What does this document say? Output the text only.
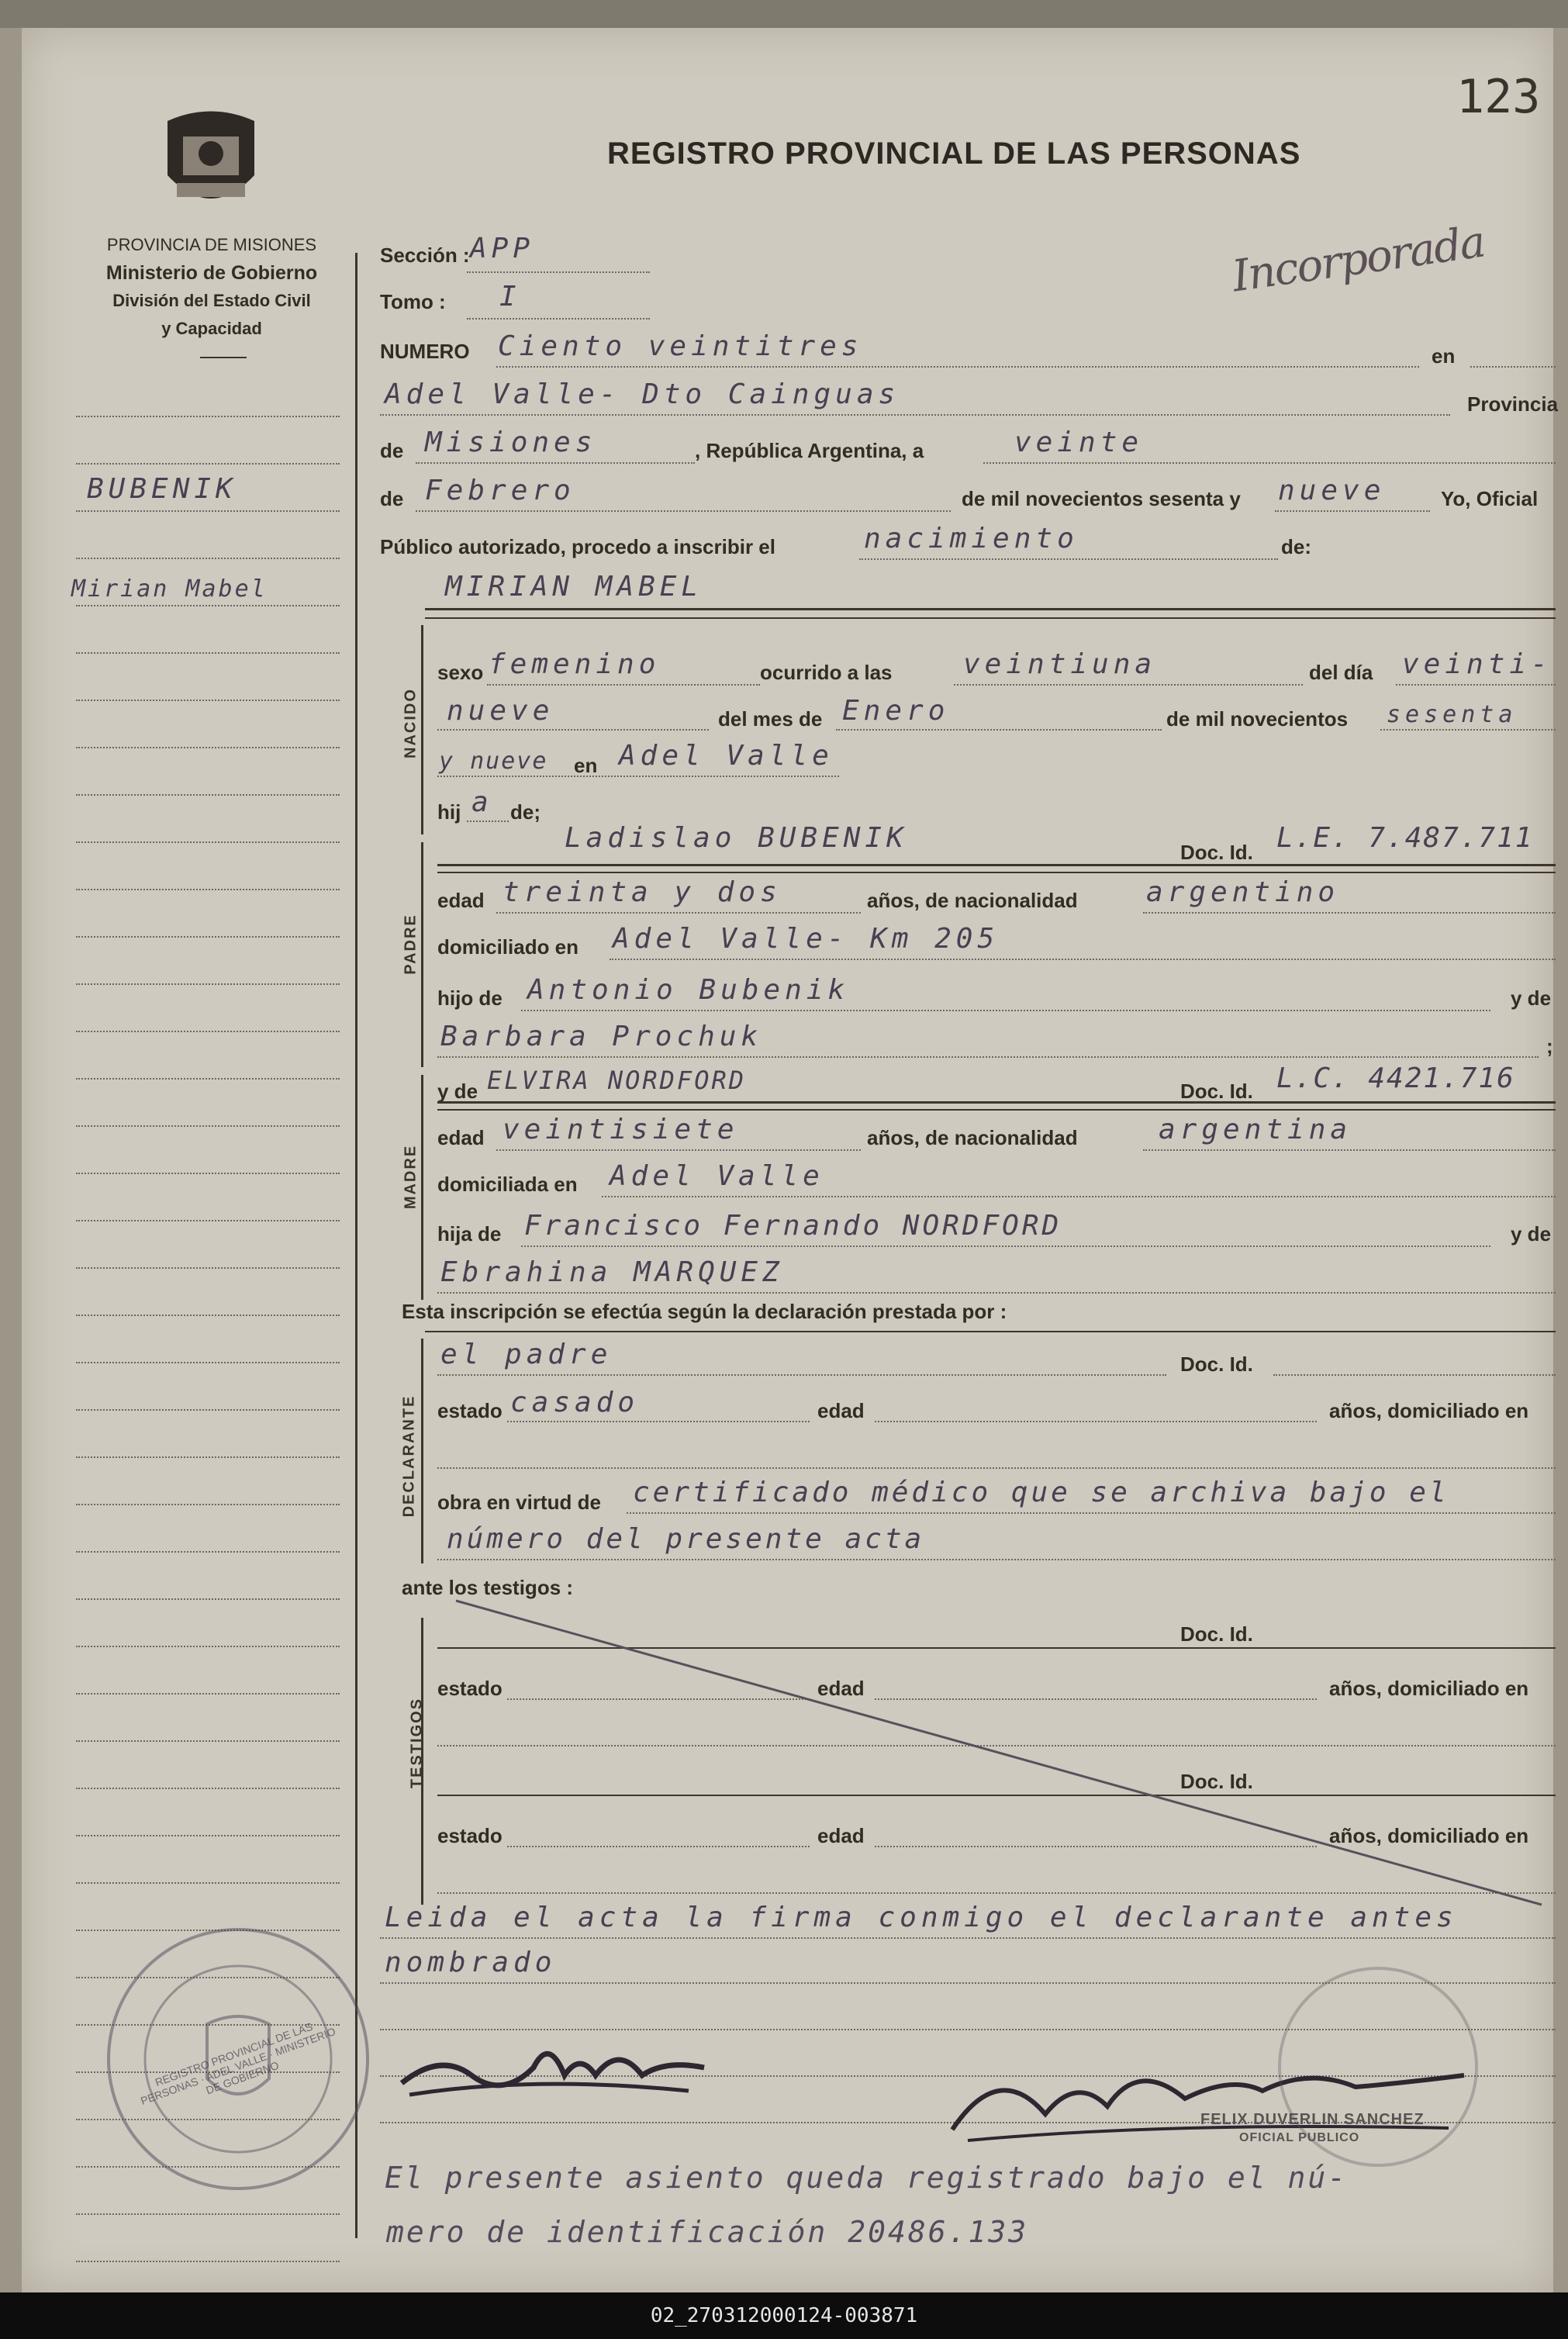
123
PROVINCIA DE MISIONES
Ministerio de Gobierno
División del Estado Civil
y Capacidad
REGISTRO PROVINCIAL DE LAS PERSONAS
Incorporada
BUBENIK
Mirian Mabel
Sección : APP
Tomo : I
NUMERO Ciento veintitres	en
Adel Valle- Dto Cainguas	Provincia
de Misiones	, República Argentina, a	veinte
de Febrero	de mil novecientos sesenta y nueve	Yo, Oficial
Público autorizado, procedo a inscribir el	nacimiento	de:
MIRIAN MABEL
NACIDO
sexo femenino	ocurrido a las	veintiuna	del día veinti-
nueve	del mes de Enero	de mil novecientos sesenta
y nueve en Adel Valle
hij a de;
PADRE
Ladislao BUBENIK	Doc. Id. L.E. 7.487.711
edad treinta y dos	años, de nacionalidad argentino
domiciliado en Adel Valle- Km 205
hijo de Antonio Bubenik	y de
Barbara Prochuk	;
MADRE
y de ELVIRA NORDFORD	Doc. Id. L.C. 4421.716
edad veintisiete	años, de nacionalidad	argentina
domiciliada en Adel Valle
hija de Francisco Fernando NORDFORD	y de
Ebrahina MARQUEZ
Esta inscripción se efectúa según la declaración prestada por :
DECLARANTE
el padre	Doc. Id.
estado casado	edad	años, domiciliado en
obra en virtud de certificado médico que se archiva bajo el
número del presente acta
ante los testigos :
TESTIGOS
Doc. Id.
estado	edad	años, domiciliado en
Doc. Id.
estado	edad	años, domiciliado en
Leida el acta la firma conmigo el declarante antes
nombrado
FELIX DUVERLIN SANCHEZ
OFICIAL PUBLICO
REGISTRO PROVINCIAL DE LAS PERSONAS · ADEL VALLE · MINISTERIO DE GOBIERNO
El presente asiento queda registrado bajo el nú-
mero de identificación 20486.133
02_270312000124-003871
